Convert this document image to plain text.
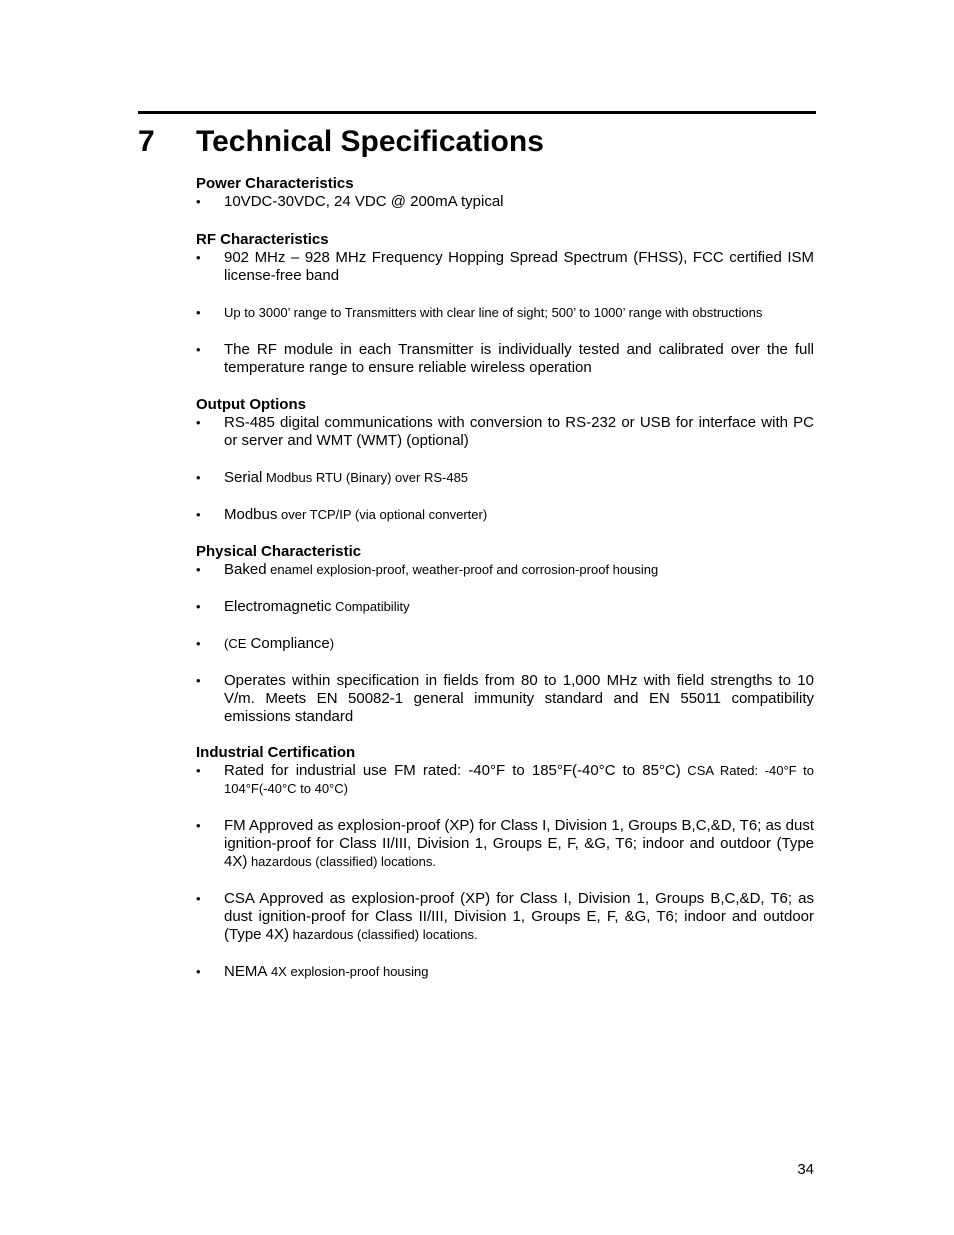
7 Technical Specifications

Power Characteristics

• 10VDC-30VDC, 24 VDC @ 200mA typical

RF Characteristics

• 902 MHz – 928 MHz Frequency Hopping Spread Spectrum (FHSS), FCC certified ISM license-free band
• Up to 3000’ range to Transmitters with clear line of sight; 500’ to 1000’ range with obstructions
• The RF module in each Transmitter is individually tested and calibrated over the full temperature range to ensure reliable wireless operation

Output Options

• RS-485 digital communications with conversion to RS-232 or USB for interface with PC or server and WMT (WMT) (optional)
• Serial Modbus RTU (Binary) over RS-485
• Modbus over TCP/IP (via optional converter)

Physical Characteristic

• Baked enamel explosion-proof, weather-proof and corrosion-proof housing
• Electromagnetic Compatibility
• (CE Compliance)
• Operates within specification in fields from 80 to 1,000 MHz with field strengths to 10 V/m. Meets EN 50082-1 general immunity standard and EN 55011 compatibility emissions standard

Industrial Certification

• Rated for industrial use FM rated: -40°F to 185°F(-40°C to 85°C) CSA Rated: -40°F to 104°F(-40°C to 40°C)
• FM Approved as explosion-proof (XP) for Class I, Division 1, Groups B,C,&D, T6; as dust ignition-proof for Class II/III, Division 1, Groups E, F, &G, T6; indoor and outdoor (Type 4X) hazardous (classified) locations.
• CSA Approved as explosion-proof (XP) for Class I, Division 1, Groups B,C,&D, T6; as dust ignition-proof for Class II/III, Division 1, Groups E, F, &G, T6; indoor and outdoor (Type 4X) hazardous (classified) locations.
• NEMA 4X explosion-proof housing
34
